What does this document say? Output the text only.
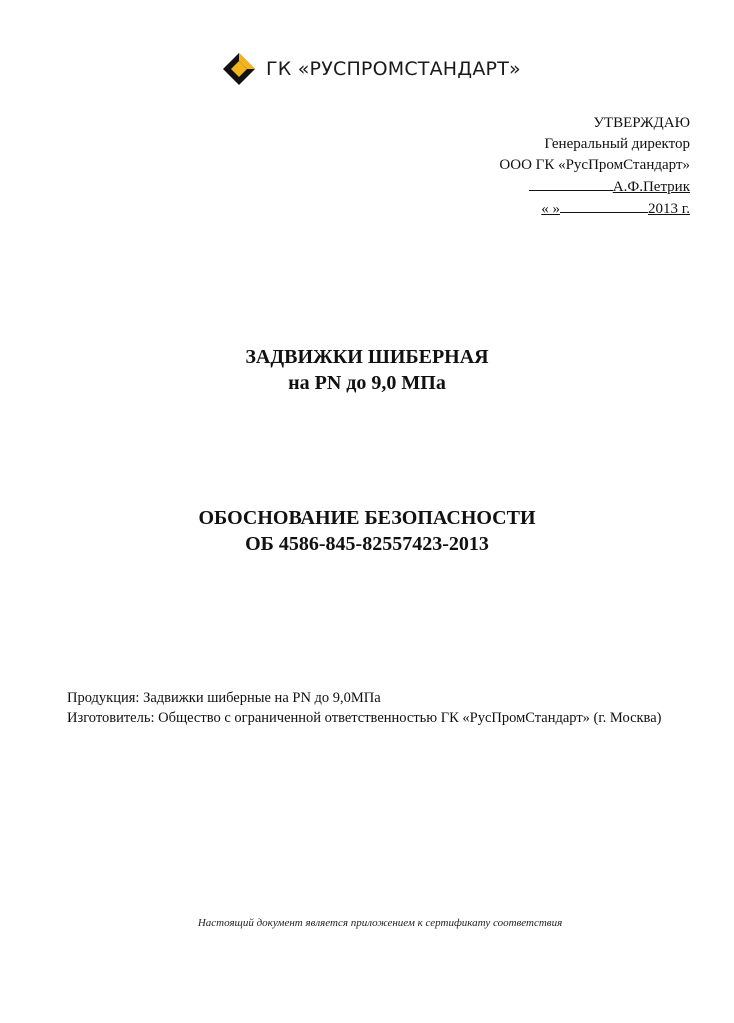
ГК «РУСПРОМСТАНДАРТ»
УТВЕРЖДАЮ
Генеральный директор
ООО ГК «РусПромСтандарт»
А.Ф.Петрик
« »	2013 г.
ЗАДВИЖКИ ШИБЕРНАЯ
на PN до 9,0 МПа
ОБОСНОВАНИЕ БЕЗОПАСНОСТИ
ОБ 4586-845-82557423-2013
Продукция: Задвижки шиберные на PN до 9,0МПа
Изготовитель: Общество с ограниченной ответственностью ГК «РусПромСтандарт» (г. Москва)
Настоящий документ является приложением к сертификату соответствия
